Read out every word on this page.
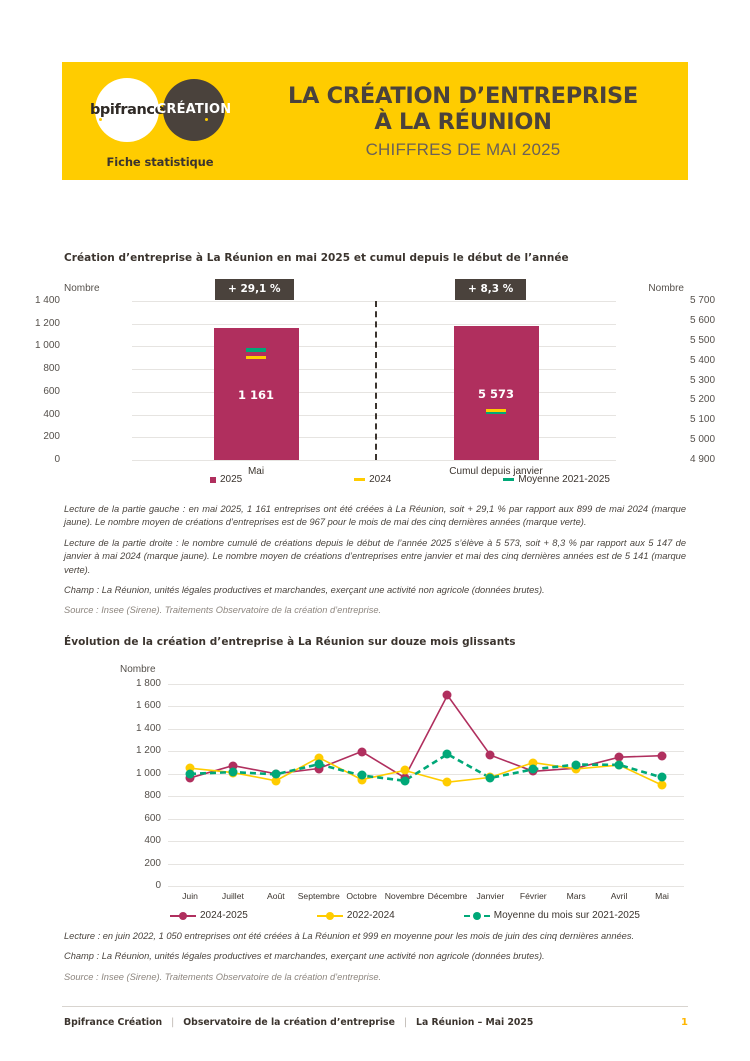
bpifrance
CRÉATION
Fiche statistique
LA CRÉATION D’ENTREPRISE
À LA RÉUNION
CHIFFRES DE MAI 2025
Création d’entreprise à La Réunion en mai 2025 et cumul depuis le début de l’année
Nombre	Nombre
1 400
1 200
1 000
800
600
400
200
0
5 700
5 600
5 500
5 400
5 300
5 200
5 100
5 000
4 900
1 161
+ 29,1 %
Mai
5 573
+ 8,3 %
Cumul depuis janvier
2025	2024	Moyenne 2021-2025

Lecture de la partie gauche : en mai 2025, 1 161 entreprises ont été créées à La Réunion, soit + 29,1 % par rapport aux 899 de mai 2024 (marque jaune). Le nombre moyen de créations d’entreprises est de 967 pour le mois de mai des cinq dernières années (marque verte).

Lecture de la partie droite : le nombre cumulé de créations depuis le début de l’année 2025 s’élève à 5 573, soit + 8,3 % par rapport aux 5 147 de janvier à mai 2024 (marque jaune). Le nombre moyen de créations d’entreprises entre janvier et mai des cinq dernières années est de 5 141 (marque verte).

Champ : La Réunion, unités légales productives et marchandes, exerçant une activité non agricole (données brutes).

Source : Insee (Sirene). Traitements Observatoire de la création d’entreprise.

Évolution de la création d’entreprise à La Réunion sur douze mois glissants
Nombre
1 800
1 600
1 400
1 200
1 000
800
600
400
200
0
Juin	Juillet	Août Septembre Octobre Novembre Décembre Janvier Février Mars	Avril	Mai
2024-2025	2022-2024	Moyenne du mois sur 2021-2025

Lecture : en juin 2022, 1 050 entreprises ont été créées à La Réunion et 999 en moyenne pour les mois de juin des cinq dernières années.

Champ : La Réunion, unités légales productives et marchandes, exerçant une activité non agricole (données brutes).

Source : Insee (Sirene). Traitements Observatoire de la création d’entreprise.

Bpifrance Création | Observatoire de la création d’entreprise | La Réunion – Mai 2025	1
